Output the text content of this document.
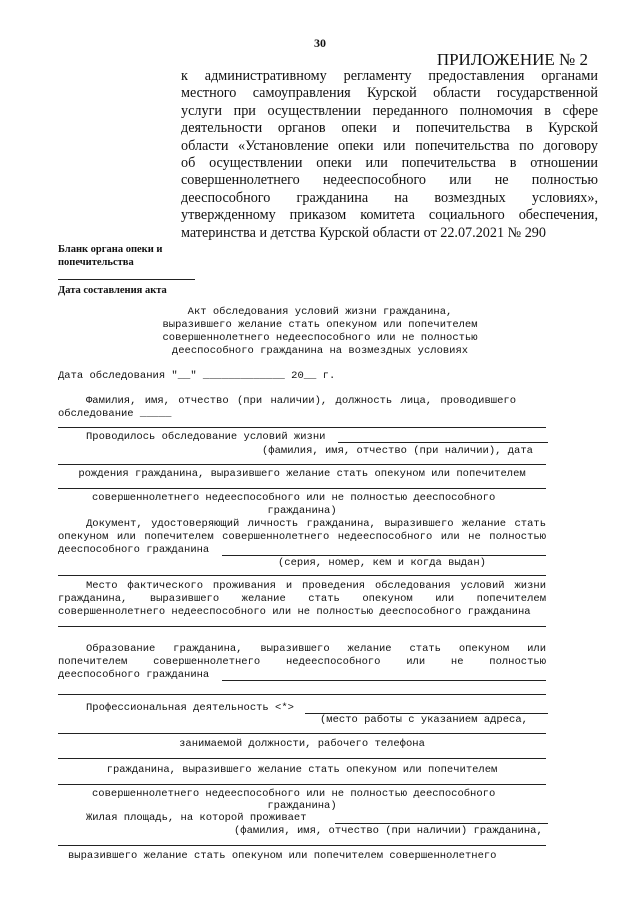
30
ПРИЛОЖЕНИЕ № 2
к административному регламенту предоставления органами
местного самоуправления Курской области государственной
услуги при осуществлении переданного полномочия в сфере
деятельности органов опеки и попечительства в Курской
области «Установление опеки или попечительства по договору
об осуществлении опеки или попечительства в отношении
совершеннолетнего недееспособного или не полностью
дееспособного гражданина на возмездных условиях»,
утвержденному приказом комитета социального обеспечения,
материнства и детства Курской области от 22.07.2021 № 290
Бланк органа опеки и
попечительства
Дата составления акта
Акт обследования условий жизни гражданина,
выразившего желание стать опекуном или попечителем
совершеннолетнего недееспособного или не полностью
дееспособного гражданина на возмездных условиях
Дата обследования "__" _____________ 20__ г.
Фамилия, имя, отчество (при наличии), должность лица, проводившего
обследование _____
Проводилось обследование условий жизни
(фамилия, имя, отчество (при наличии), дата
рождения гражданина, выразившего желание стать опекуном или попечителем
совершеннолетнего недееспособного или не полностью дееспособного
гражданина)
Документ, удостоверяющий личность гражданина, выразившего желание стать
опекуном или попечителем совершеннолетнего недееспособного или не полностью
дееспособного гражданина
(серия, номер, кем и когда выдан)
Место фактического проживания и проведения обследования условий жизни
гражданина, выразившего желание стать опекуном или попечителем
совершеннолетнего недееспособного или не полностью дееспособного гражданина
Образование гражданина, выразившего желание стать опекуном или
попечителем совершеннолетнего недееспособного или не полностью
дееспособного гражданина
Профессиональная деятельность <*>
(место работы с указанием адреса,
занимаемой должности, рабочего телефона
гражданина, выразившего желание стать опекуном или попечителем
совершеннолетнего недееспособного или не полностью дееспособного
гражданина)
Жилая площадь, на которой проживает
(фамилия, имя, отчество (при наличии) гражданина,
выразившего желание стать опекуном или попечителем совершеннолетнего
